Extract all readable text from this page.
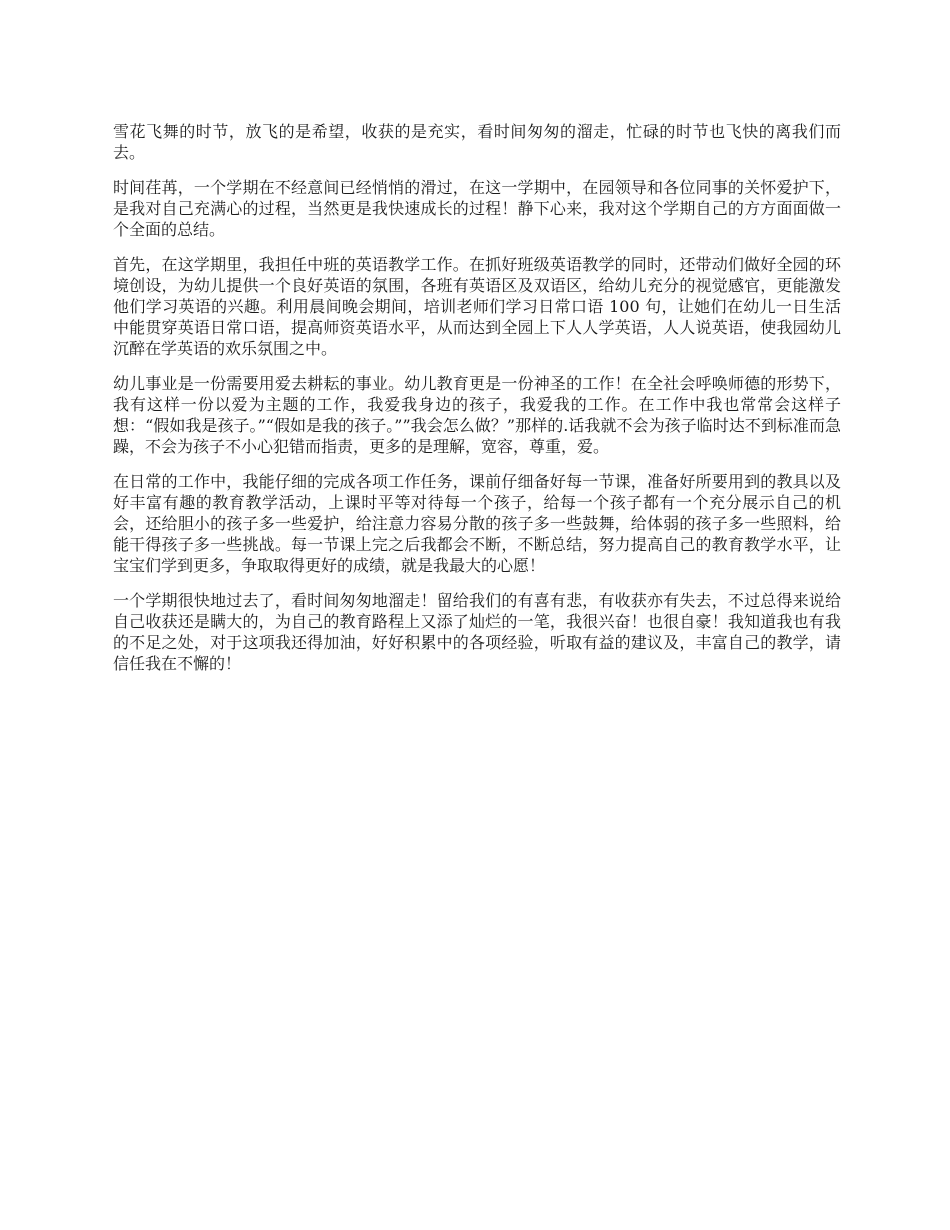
雪花飞舞的时节，放飞的是希望，收获的是充实，看时间匆匆的溜走，忙碌的时节也飞快的离我们而去。

时间荏苒，一个学期在不经意间已经悄悄的滑过，在这一学期中，在园领导和各位同事的关怀爱护下，是我对自己充满心的过程，当然更是我快速成长的过程！静下心来，我对这个学期自己的方方面面做一个全面的总结。

首先，在这学期里，我担任中班的英语教学工作。在抓好班级英语教学的同时，还带动们做好全园的环境创设，为幼儿提供一个良好英语的氛围，各班有英语区及双语区，给幼儿充分的视觉感官，更能激发他们学习英语的兴趣。利用晨间晚会期间，培训老师们学习日常口语 100 句，让她们在幼儿一日生活中能贯穿英语日常口语，提高师资英语水平，从而达到全园上下人人学英语，人人说英语，使我园幼儿沉醉在学英语的欢乐氛围之中。

幼儿事业是一份需要用爱去耕耘的事业。幼儿教育更是一份神圣的工作！在全社会呼唤师德的形势下，我有这样一份以爱为主题的工作，我爱我身边的孩子，我爱我的工作。在工作中我也常常会这样子想：“假如我是孩子。”“假如是我的孩子。””我会怎么做？”那样的.话我就不会为孩子临时达不到标准而急躁，不会为孩子不小心犯错而指责，更多的是理解，宽容，尊重，爱。

在日常的工作中，我能仔细的完成各项工作任务，课前仔细备好每一节课，准备好所要用到的教具以及好丰富有趣的教育教学活动，上课时平等对待每一个孩子，给每一个孩子都有一个充分展示自己的机会，还给胆小的孩子多一些爱护，给注意力容易分散的孩子多一些鼓舞，给体弱的孩子多一些照料，给能干得孩子多一些挑战。每一节课上完之后我都会不断，不断总结，努力提高自己的教育教学水平，让宝宝们学到更多，争取取得更好的成绩，就是我最大的心愿！

一个学期很快地过去了，看时间匆匆地溜走！留给我们的有喜有悲，有收获亦有失去，不过总得来说给自己收获还是瞒大的，为自己的教育路程上又添了灿烂的一笔，我很兴奋！也很自豪！我知道我也有我的不足之处，对于这项我还得加油，好好积累中的各项经验，听取有益的建议及，丰富自己的教学，请信任我在不懈的！
